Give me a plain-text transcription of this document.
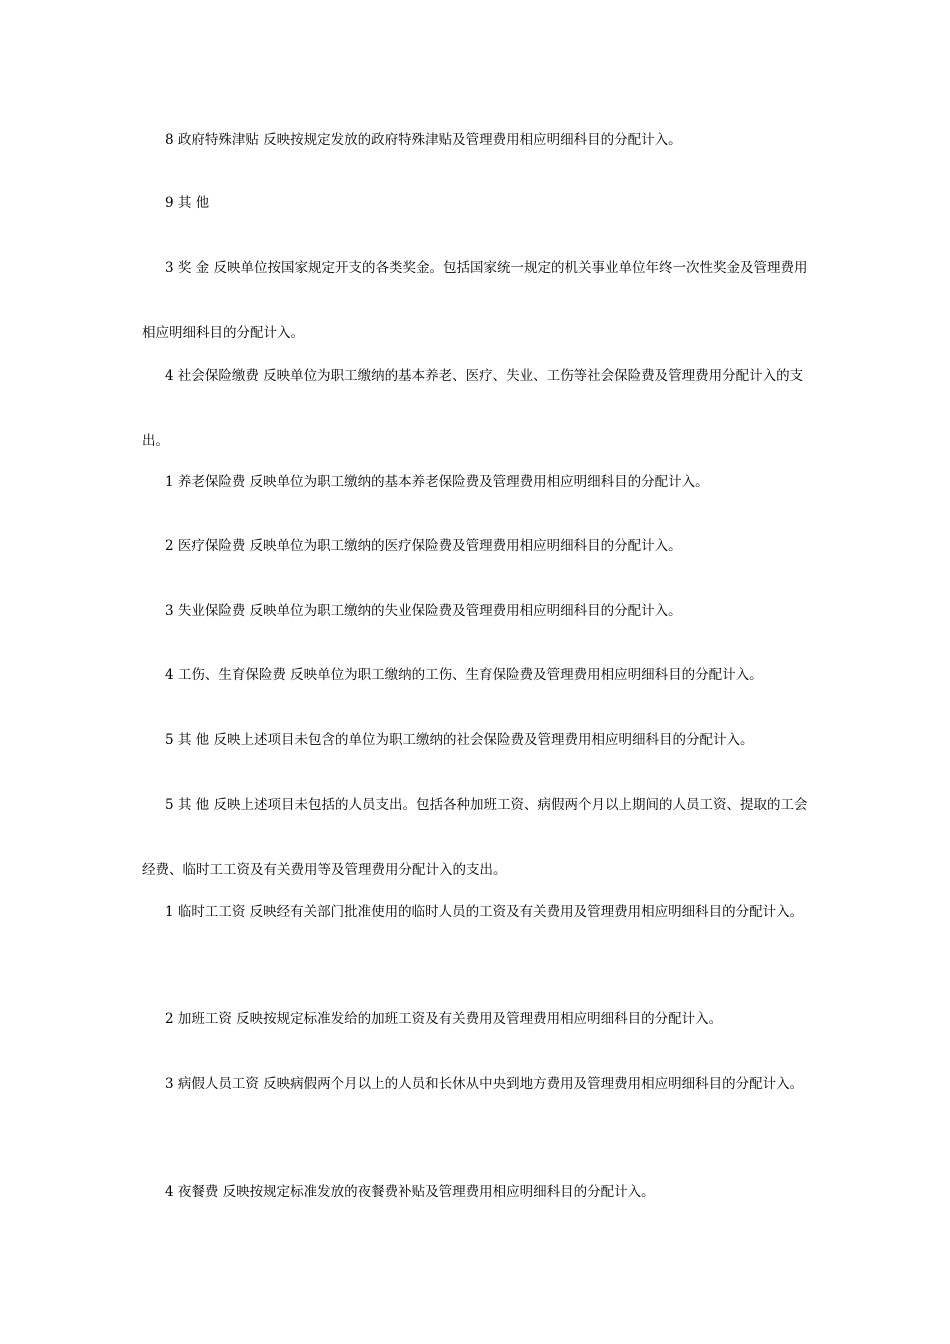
8 政府特殊津贴 反映按规定发放的政府特殊津贴及管理费用相应明细科目的分配计入。

9 其 他

3 奖 金 反映单位按国家规定开支的各类奖金。包括国家统一规定的机关事业单位年终一次性奖金及管理费用相应明细科目的分配计入。

4 社会保险缴费 反映单位为职工缴纳的基本养老、医疗、失业、工伤等社会保险费及管理费用分配计入的支出。

1 养老保险费 反映单位为职工缴纳的基本养老保险费及管理费用相应明细科目的分配计入。

2 医疗保险费 反映单位为职工缴纳的医疗保险费及管理费用相应明细科目的分配计入。

3 失业保险费 反映单位为职工缴纳的失业保险费及管理费用相应明细科目的分配计入。

4 工伤、生育保险费 反映单位为职工缴纳的工伤、生育保险费及管理费用相应明细科目的分配计入。

5 其 他 反映上述项目未包含的单位为职工缴纳的社会保险费及管理费用相应明细科目的分配计入。

5 其 他 反映上述项目未包括的人员支出。包括各种加班工资、病假两个月以上期间的人员工资、提取的工会经费、临时工工资及有关费用等及管理费用分配计入的支出。

1 临时工工资 反映经有关部门批准使用的临时人员的工资及有关费用及管理费用相应明细科目的分配计入。

2 加班工资 反映按规定标准发给的加班工资及有关费用及管理费用相应明细科目的分配计入。

3 病假人员工资 反映病假两个月以上的人员和长休从中央到地方费用及管理费用相应明细科目的分配计入。

4 夜餐费 反映按规定标准发放的夜餐费补贴及管理费用相应明细科目的分配计入。
